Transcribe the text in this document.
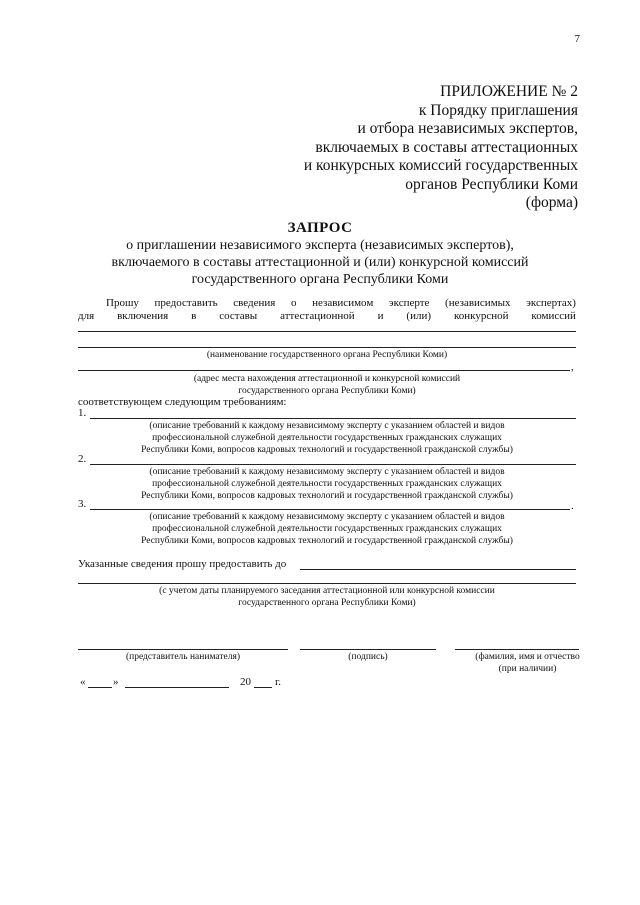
7
ПРИЛОЖЕНИЕ № 2
к Порядку приглашения
и отбора независимых экспертов,
включаемых в составы аттестационных
и конкурсных комиссий государственных
органов Республики Коми
(форма)
ЗАПРОС
о приглашении независимого эксперта (независимых экспертов),
включаемого в составы аттестационной и (или) конкурсной комиссий
государственного органа Республики Коми
Прошу предоставить сведения о независимом эксперте (независимых экспертах)
для включения в составы аттестационной и (или) конкурсной комиссий
(наименование государственного органа Республики Коми)
,
(адрес места нахождения аттестационной и конкурсной комиссий
государственного органа Республики Коми)
соответствующем следующим требованиям:
1.
(описание требований к каждому независимому эксперту с указанием областей и видов
профессиональной служебной деятельности государственных гражданских служащих
Республики Коми, вопросов кадровых технологий и государственной гражданской службы)
2.
(описание требований к каждому независимому эксперту с указанием областей и видов
профессиональной служебной деятельности государственных гражданских служащих
Республики Коми, вопросов кадровых технологий и государственной гражданской службы)
3.	.
(описание требований к каждому независимому эксперту с указанием областей и видов
профессиональной служебной деятельности государственных гражданских служащих
Республики Коми, вопросов кадровых технологий и государственной гражданской службы)
Указанные сведения прошу предоставить до
(с учетом даты планируемого заседания аттестационной или конкурсной комиссии
государственного органа Республики Коми)
(представитель нанимателя)	(подпись)	(фамилия, имя и отчество
(при наличии)
«	»	20 г.
